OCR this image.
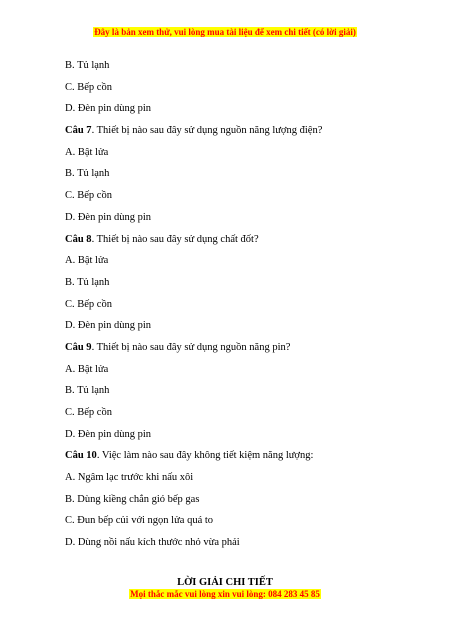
Đây là bản xem thử, vui lòng mua tài liệu để xem chi tiết (có lời giải)
B. Tủ lạnh
C. Bếp cồn
D. Đèn pin dùng pin
Câu 7. Thiết bị nào sau đây sử dụng nguồn năng lượng điện?
A. Bật lửa
B. Tủ lạnh
C. Bếp cồn
D. Đèn pin dùng pin
Câu 8. Thiết bị nào sau đây sử dụng chất đốt?
A. Bật lửa
B. Tủ lạnh
C. Bếp cồn
D. Đèn pin dùng pin
Câu 9. Thiết bị nào sau đây sử dụng nguồn năng pin?
A. Bật lửa
B. Tủ lạnh
C. Bếp cồn
D. Đèn pin dùng pin
Câu 10. Việc làm nào sau đây không tiết kiệm năng lượng:
A. Ngâm lạc trước khi nấu xôi
B. Dùng kiềng chắn gió bếp gas
C. Đun bếp củi với ngọn lửa quá to
D. Dùng nồi nấu kích thước nhỏ vừa phải
LỜI GIẢI CHI TIẾT
Mọi thắc mắc vui lòng xin vui lòng: 084 283 45 85
